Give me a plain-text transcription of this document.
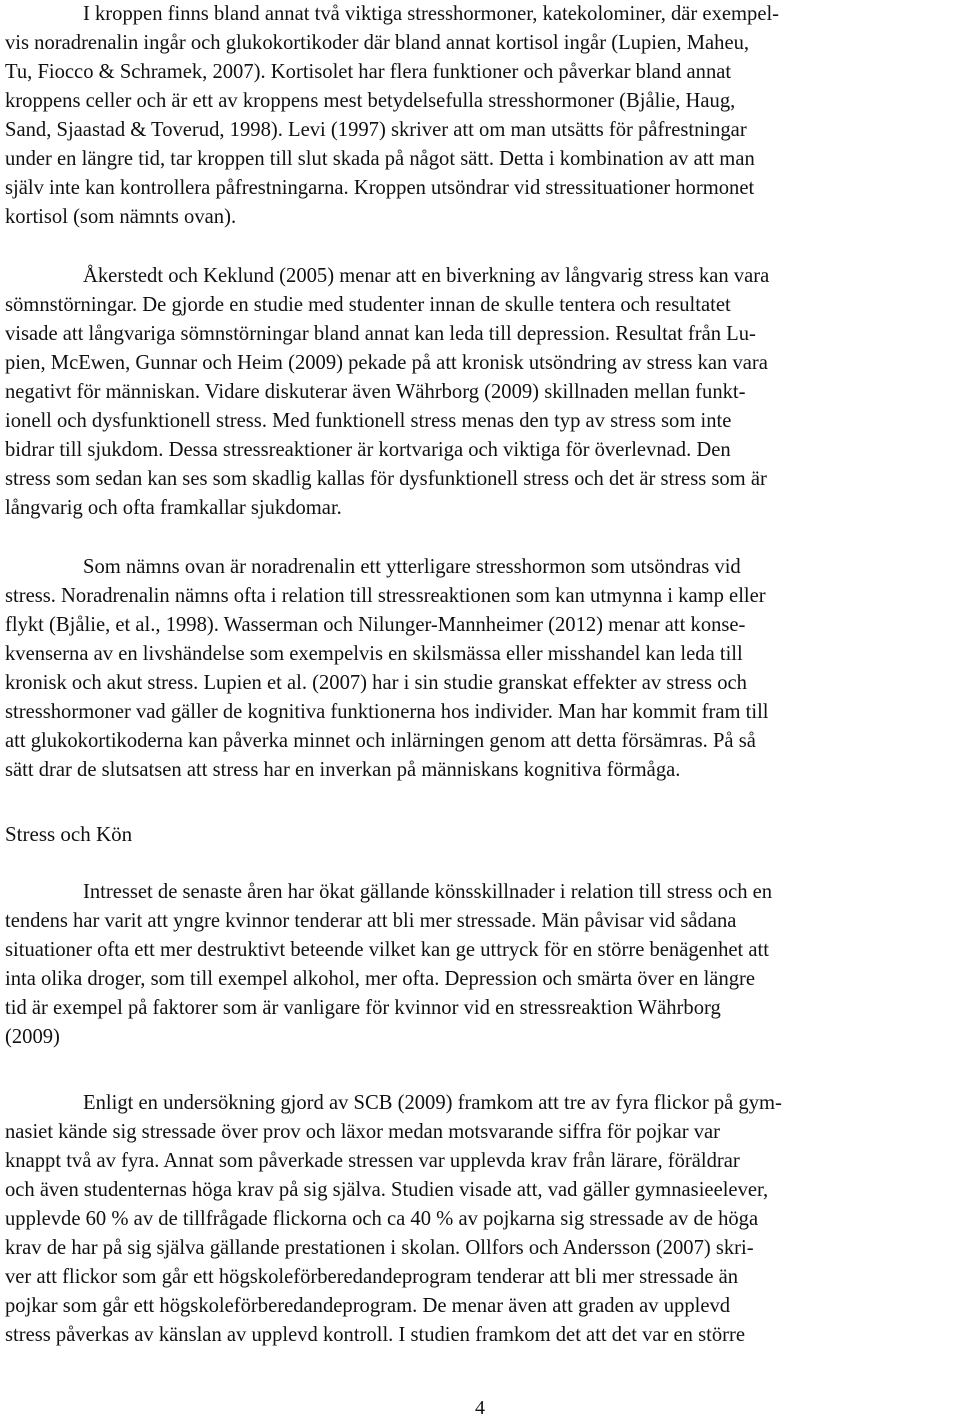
I kroppen finns bland annat två viktiga stresshormoner, katekolominer, där exempel-
vis noradrenalin ingår och glukokortikoder där bland annat kortisol ingår (Lupien, Maheu,
Tu, Fiocco & Schramek, 2007). Kortisolet har flera funktioner och påverkar bland annat
kroppens celler och är ett av kroppens mest betydelsefulla stresshormoner (Bjålie, Haug,
Sand, Sjaastad & Toverud, 1998). Levi (1997) skriver att om man utsätts för påfrestningar
under en längre tid, tar kroppen till slut skada på något sätt. Detta i kombination av att man
själv inte kan kontrollera påfrestningarna. Kroppen utsöndrar vid stressituationer hormonet
kortisol (som nämnts ovan).
Åkerstedt och Keklund (2005) menar att en biverkning av långvarig stress kan vara
sömnstörningar. De gjorde en studie med studenter innan de skulle tentera och resultatet
visade att långvariga sömnstörningar bland annat kan leda till depression. Resultat från Lu-
pien, McEwen, Gunnar och Heim (2009) pekade på att kronisk utsöndring av stress kan vara
negativt för människan. Vidare diskuterar även Währborg (2009) skillnaden mellan funkt-
ionell och dysfunktionell stress. Med funktionell stress menas den typ av stress som inte
bidrar till sjukdom. Dessa stressreaktioner är kortvariga och viktiga för överlevnad. Den
stress som sedan kan ses som skadlig kallas för dysfunktionell stress och det är stress som är
långvarig och ofta framkallar sjukdomar.
Som nämns ovan är noradrenalin ett ytterligare stresshormon som utsöndras vid
stress. Noradrenalin nämns ofta i relation till stressreaktionen som kan utmynna i kamp eller
flykt (Bjålie, et al., 1998). Wasserman och Nilunger-Mannheimer (2012) menar att konse-
kvenserna av en livshändelse som exempelvis en skilsmässa eller misshandel kan leda till
kronisk och akut stress. Lupien et al. (2007) har i sin studie granskat effekter av stress och
stresshormoner vad gäller de kognitiva funktionerna hos individer. Man har kommit fram till
att glukokortikoderna kan påverka minnet och inlärningen genom att detta försämras. På så
sätt drar de slutsatsen att stress har en inverkan på människans kognitiva förmåga.
Stress och Kön
Intresset de senaste åren har ökat gällande könsskillnader i relation till stress och en
tendens har varit att yngre kvinnor tenderar att bli mer stressade. Män påvisar vid sådana
situationer ofta ett mer destruktivt beteende vilket kan ge uttryck för en större benägenhet att
inta olika droger, som till exempel alkohol, mer ofta. Depression och smärta över en längre
tid är exempel på faktorer som är vanligare för kvinnor vid en stressreaktion Währborg
(2009)
Enligt en undersökning gjord av SCB (2009) framkom att tre av fyra flickor på gym-
nasiet kände sig stressade över prov och läxor medan motsvarande siffra för pojkar var
knappt två av fyra. Annat som påverkade stressen var upplevda krav från lärare, föräldrar
och även studenternas höga krav på sig själva. Studien visade att, vad gäller gymnasieelever,
upplevde 60 % av de tillfrågade flickorna och ca 40 % av pojkarna sig stressade av de höga
krav de har på sig själva gällande prestationen i skolan. Ollfors och Andersson (2007) skri-
ver att flickor som går ett högskoleförberedandeprogram tenderar att bli mer stressade än
pojkar som går ett högskoleförberedandeprogram. De menar även att graden av upplevd
stress påverkas av känslan av upplevd kontroll. I studien framkom det att det var en större
4
